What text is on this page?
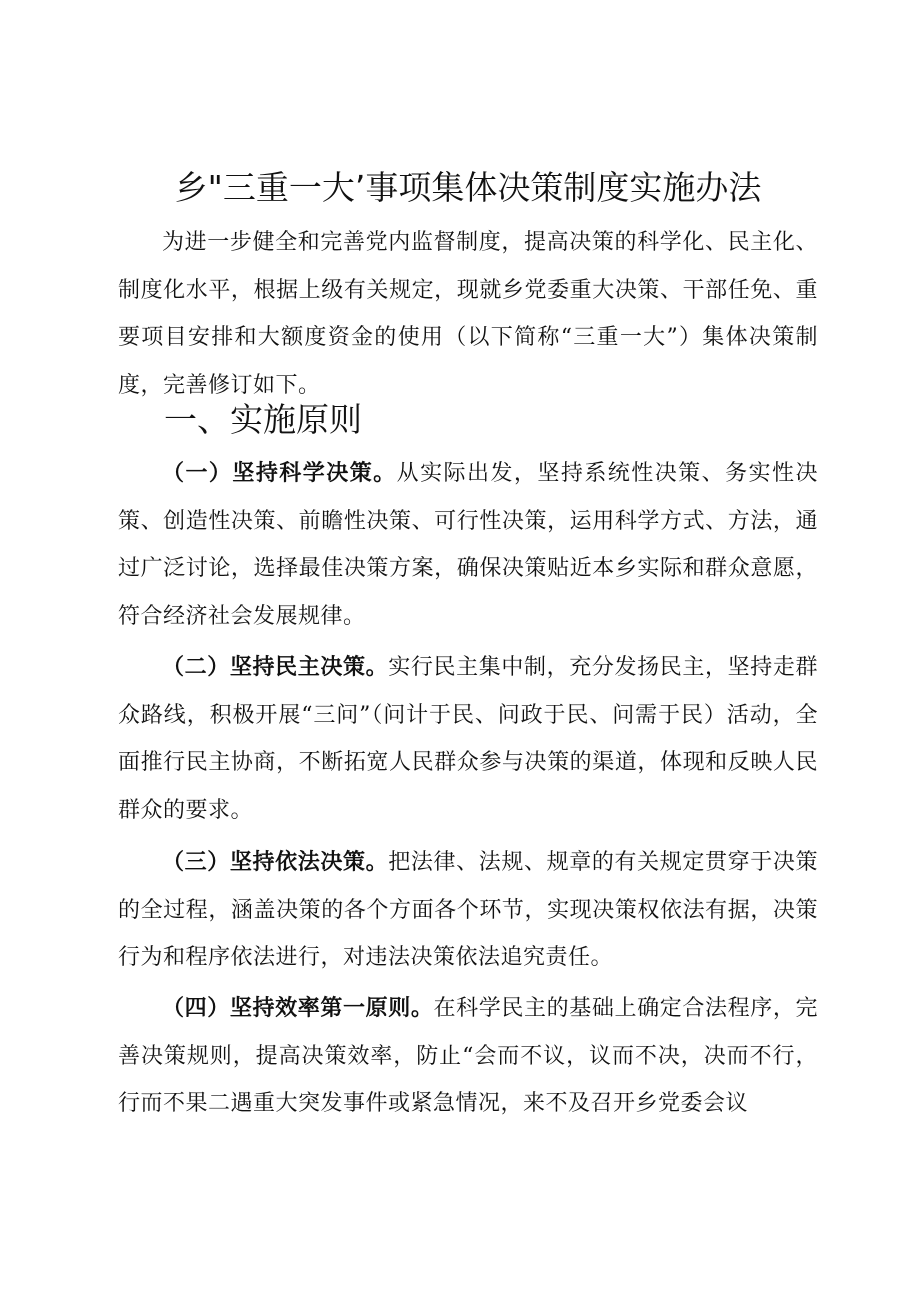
乡"三重一大’事项集体决策制度实施办法

为进一步健全和完善党内监督制度，提高决策的科学化、民主化、制度化水平，根据上级有关规定，现就乡党委重大决策、干部任免、重要项目安排和大额度资金的使用（以下简称“三重一大”）集体决策制度，完善修订如下。

一、实施原则

（一）坚持科学决策。从实际出发，坚持系统性决策、务实性决策、创造性决策、前瞻性决策、可行性决策，运用科学方式、方法，通过广泛讨论，选择最佳决策方案，确保决策贴近本乡实际和群众意愿，符合经济社会发展规律。

（二）坚持民主决策。实行民主集中制，充分发扬民主，坚持走群众路线，积极开展“三问”（问计于民、问政于民、问需于民）活动，全面推行民主协商，不断拓宽人民群众参与决策的渠道，体现和反映人民群众的要求。

（三）坚持依法决策。把法律、法规、规章的有关规定贯穿于决策的全过程，涵盖决策的各个方面各个环节，实现决策权依法有据，决策行为和程序依法进行，对违法决策依法追究责任。

（四）坚持效率第一原则。在科学民主的基础上确定合法程序，完善决策规则，提高决策效率，防止“会而不议，议而不决，决而不行，行而不果二遇重大突发事件或紧急情况，来不及召开乡党委会议
